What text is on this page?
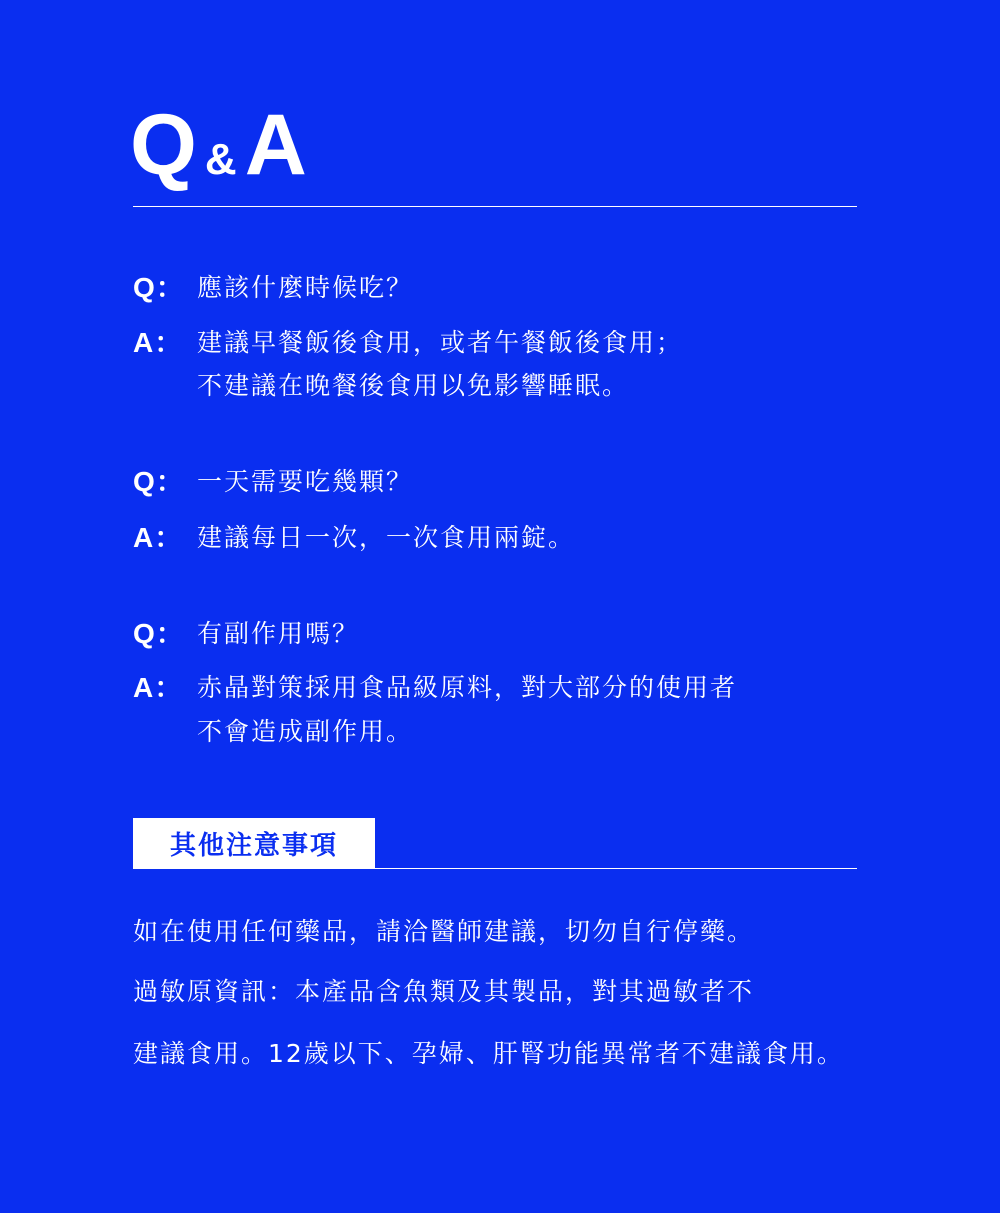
Q & A
Q： 應該什麼時候吃？
A： 建議早餐飯後食用，或者午餐飯後食用；
不建議在晚餐後食用以免影響睡眠。
Q： 一天需要吃幾顆？
A： 建議每日一次，一次食用兩錠。
Q： 有副作用嗎？
A： 赤晶對策採用食品級原料，對大部分的使用者
不會造成副作用。
其他注意事項
如在使用任何藥品，請洽醫師建議，切勿自行停藥。
過敏原資訊：本產品含魚類及其製品，對其過敏者不
建議食用。12歲以下、孕婦、肝腎功能異常者不建議食用。
